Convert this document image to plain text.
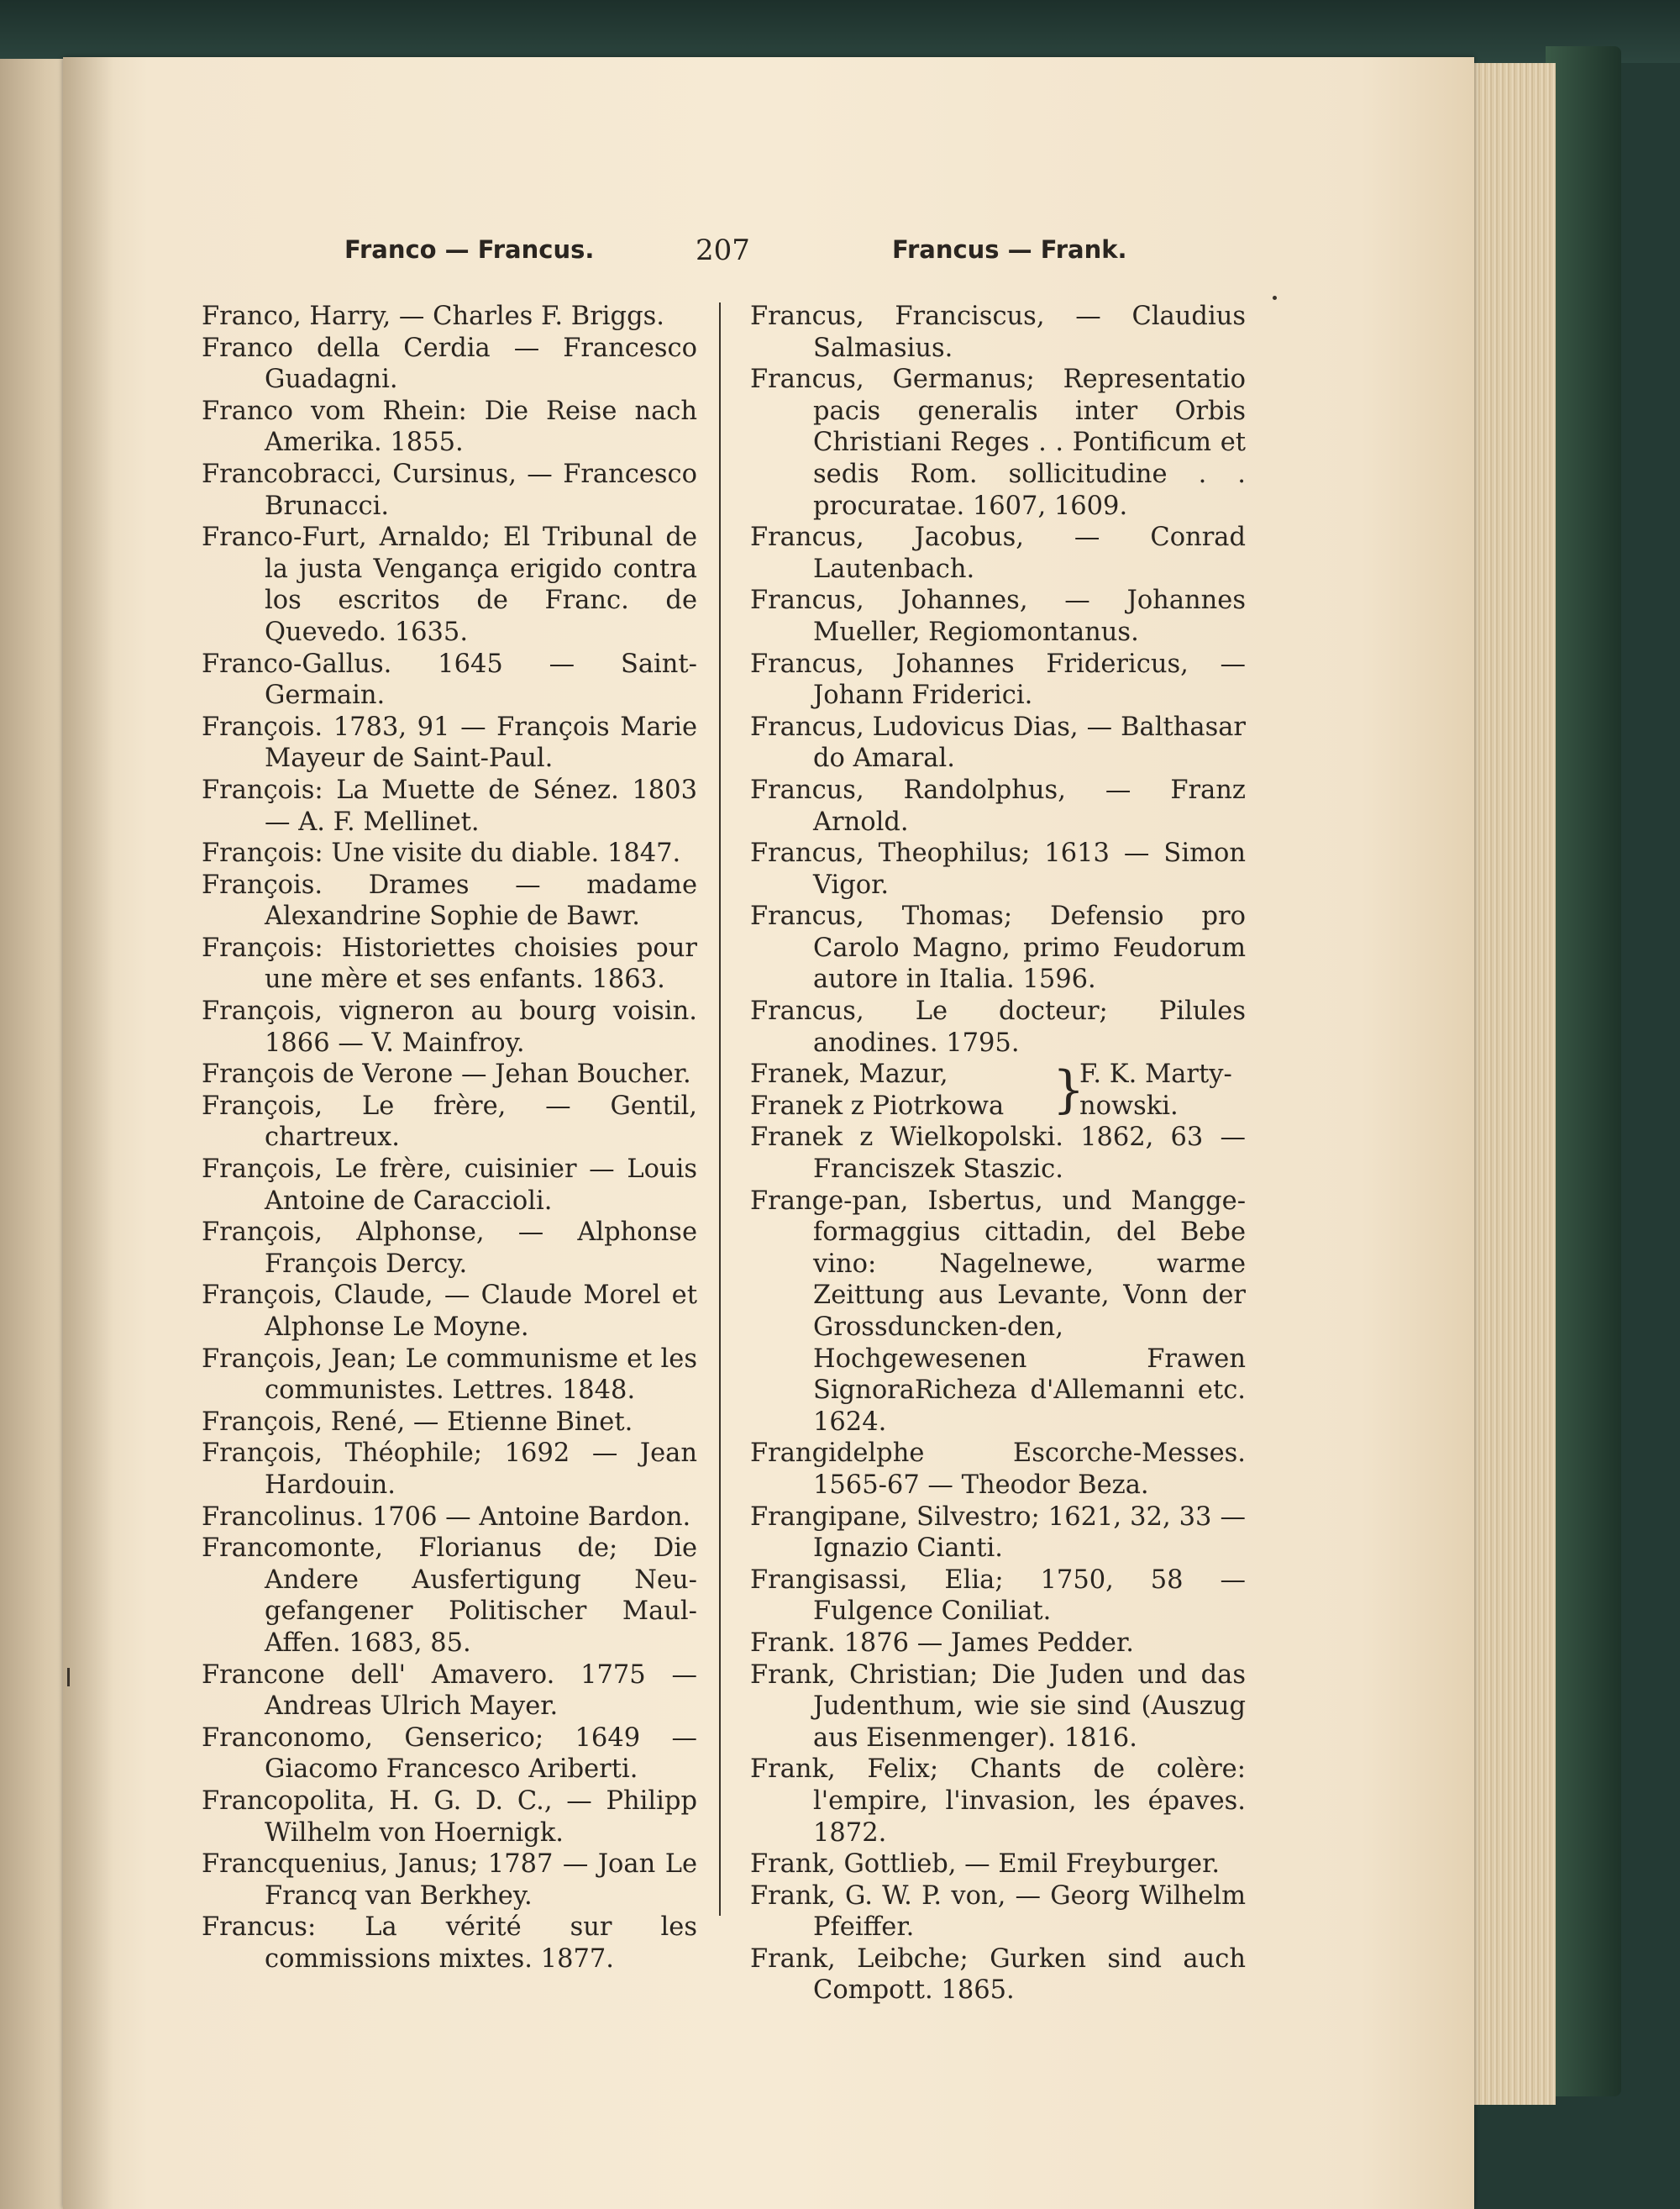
Franco — Francus.	207	Francus — Frank.

Franco, Harry, — Charles F. Briggs.

Franco della Cerdia — Francesco Guadagni.

Franco vom Rhein: Die Reise nach Amerika. 1855.

Francobracci, Cursinus, — Francesco Brunacci.

Franco-Furt, Arnaldo; El Tribunal de la justa Vengança erigido contra los escritos de Franc. de Quevedo. 1635.

Franco-Gallus. 1645 — Saint-Germain.

François. 1783, 91 — François Marie Mayeur de Saint-Paul.

François: La Muette de Sénez. 1803 — A. F. Mellinet.

François: Une visite du diable. 1847.

François. Drames — madame Alexandrine Sophie de Bawr.

François: Historiettes choisies pour une mère et ses enfants. 1863.

François, vigneron au bourg voisin. 1866 — V. Mainfroy.

François de Verone — Jehan Boucher.

François, Le frère, — Gentil, chartreux.

François, Le frère, cuisinier — Louis Antoine de Caraccioli.

François, Alphonse, — Alphonse François Dercy.

François, Claude, — Claude Morel et Alphonse Le Moyne.

François, Jean; Le communisme et les communistes. Lettres. 1848.

François, René, — Etienne Binet.

François, Théophile; 1692 — Jean Hardouin.

Francolinus. 1706 — Antoine Bardon.

Francomonte, Florianus de; Die Andere Ausfertigung Neu-gefangener Politischer Maul-Affen. 1683, 85.

Francone dell' Amavero. 1775 — Andreas Ulrich Mayer.

Franconomo, Genserico; 1649 — Giacomo Francesco Ariberti.

Francopolita, H. G. D. C., — Philipp Wilhelm von Hoernigk.

Francquenius, Janus; 1787 — Joan Le Francq van Berkhey.

Francus: La vérité sur les commissions mixtes. 1877.

Francus, Franciscus, — Claudius Salmasius.

Francus, Germanus; Representatio pacis generalis inter Orbis Christiani Reges . . Pontificum et sedis Rom. sollicitudine . . procuratae. 1607, 1609.

Francus, Jacobus, — Conrad Lautenbach.

Francus, Johannes, — Johannes Mueller, Regiomontanus.

Francus, Johannes Fridericus, — Johann Friderici.

Francus, Ludovicus Dias, — Balthasar do Amaral.

Francus, Randolphus, — Franz Arnold.

Francus, Theophilus; 1613 — Simon Vigor.

Francus, Thomas; Defensio pro Carolo Magno, primo Feudorum autore in Italia. 1596.

Francus, Le docteur; Pilules anodines. 1795.

Franek, Mazur,
Franek z Piotrkowa }
F. K. Marty-
nowski.

Franek z Wielkopolski. 1862, 63 — Franciszek Staszic.

Frange-pan, Isbertus, und Mangge-formaggius cittadin, del Bebe vino: Nagelnewe, warme Zeittung aus Levante, Vonn der Grossduncken-den, Hochgewesenen Frawen SignoraRicheza d'Allemanni etc. 1624.

Frangidelphe Escorche-Messes. 1565-67 — Theodor Beza.

Frangipane, Silvestro; 1621, 32, 33 — Ignazio Cianti.

Frangisassi, Elia; 1750, 58 — Fulgence Coniliat.

Frank. 1876 — James Pedder.

Frank, Christian; Die Juden und das Judenthum, wie sie sind (Auszug aus Eisenmenger). 1816.

Frank, Felix; Chants de colère: l'empire, l'invasion, les épaves. 1872.

Frank, Gottlieb, — Emil Freyburger.

Frank, G. W. P. von, — Georg Wilhelm Pfeiffer.

Frank, Leibche; Gurken sind auch Compott. 1865.
